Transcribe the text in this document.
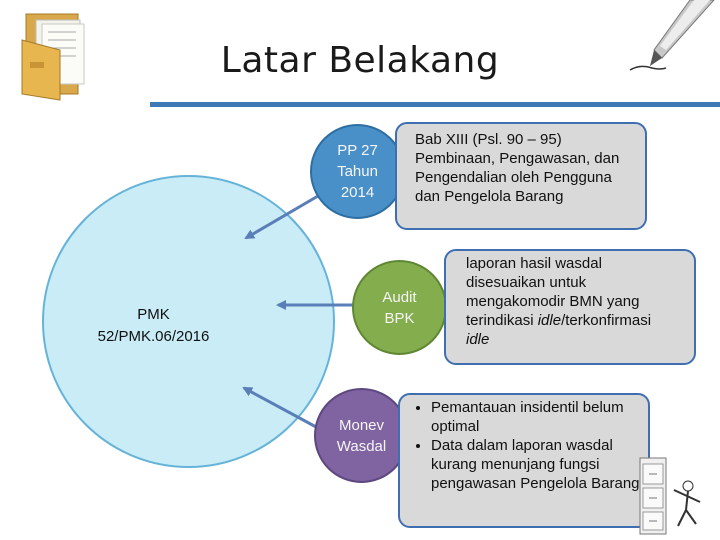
Latar Belakang
PMK
52/PMK.06/2016
PP 27
Tahun
2014
Audit
BPK
Monev
Wasdal
Bab XIII (Psl. 90 – 95)
Pembinaan, Pengawasan, dan
Pengendalian oleh Pengguna
dan Pengelola Barang
laporan hasil wasdal
disesuaikan untuk
mengakomodir BMN yang
terindikasi idle/terkonfirmasi
idle
• Pemantauan insidentil belum optimal
• Data dalam laporan wasdal kurang menunjang fungsi pengawasan Pengelola Barang
